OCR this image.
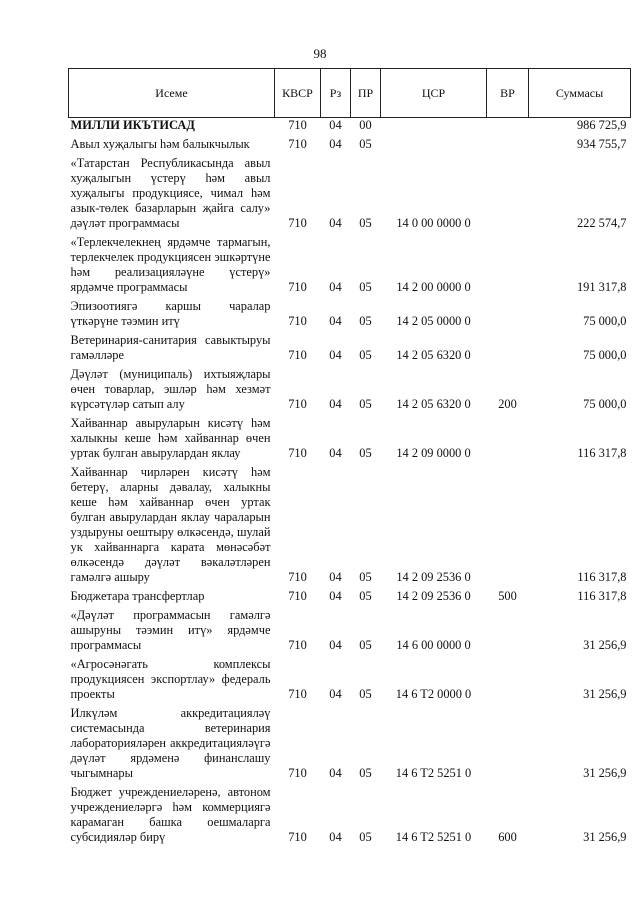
98
Исеме	КВСР	Рз	ПР	ЦСР	ВР	Суммасы
МИЛЛИ ИКЪТИСАД	710	04	00			986 725,9
Авыл хуҗалыгы һәм балыкчылык	710	04	05			934 755,7
«Татарстан Республикасында авыл хуҗалыгын үстерү һәм авыл хуҗалыгы продукциясе, чимал һәм азык-төлек базарларын җайга салу» дәүләт программасы	710	04	05	14 0 00 0000 0		222 574,7
«Терлекчелекнең ярдәмче тармагын, терлекчелек продукциясен эшкәртүне һәм реализацияләүне үстерү» ярдәмче программасы	710	04	05	14 2 00 0000 0		191 317,8
Эпизоотиягә каршы чаралар үткәрүне тәэмин итү	710	04	05	14 2 05 0000 0		75 000,0
Ветеринария-санитария савыктыруы гамәлләре	710	04	05	14 2 05 6320 0		75 000,0
Дәүләт (муниципаль) ихтыяҗлары өчен товарлар, эшләр һәм хезмәт күрсәтүләр сатып алу	710	04	05	14 2 05 6320 0	200	75 000,0
Хайваннар авыруларын кисәтү һәм халыкны кеше һәм хайваннар өчен уртак булган авырулардан яклау	710	04	05	14 2 09 0000 0		116 317,8
Хайваннар чирләрен кисәтү һәм бетерү, аларны дәвалау, халыкны кеше һәм хайваннар өчен уртак булган авырулардан яклау чараларын уздыруны оештыру өлкәсендә, шулай ук хайваннарга карата мөнәсәбәт өлкәсендә дәүләт вәкаләтләрен гамәлгә ашыру	710	04	05	14 2 09 2536 0		116 317,8
Бюджетара трансфертлар	710	04	05	14 2 09 2536 0	500	116 317,8
«Дәүләт программасын гамәлгә ашыруны тәэмин итү» ярдәмче программасы	710	04	05	14 6 00 0000 0		31 256,9
«Агросәнәгать комплексы продукциясен экспортлау» федераль проекты	710	04	05	14 6 T2 0000 0		31 256,9
Илкүләм аккредитацияләү системасында ветеринария лабораторияләрен аккредитацияләүгә дәүләт ярдәменә финанслашу чыгымнары	710	04	05	14 6 T2 5251 0		31 256,9
Бюджет учреждениеләренә, автоном учреждениеләргә һәм коммерциягә карамаган башка оешмаларга субсидияләр бирү	710	04	05	14 6 T2 5251 0	600	31 256,9
